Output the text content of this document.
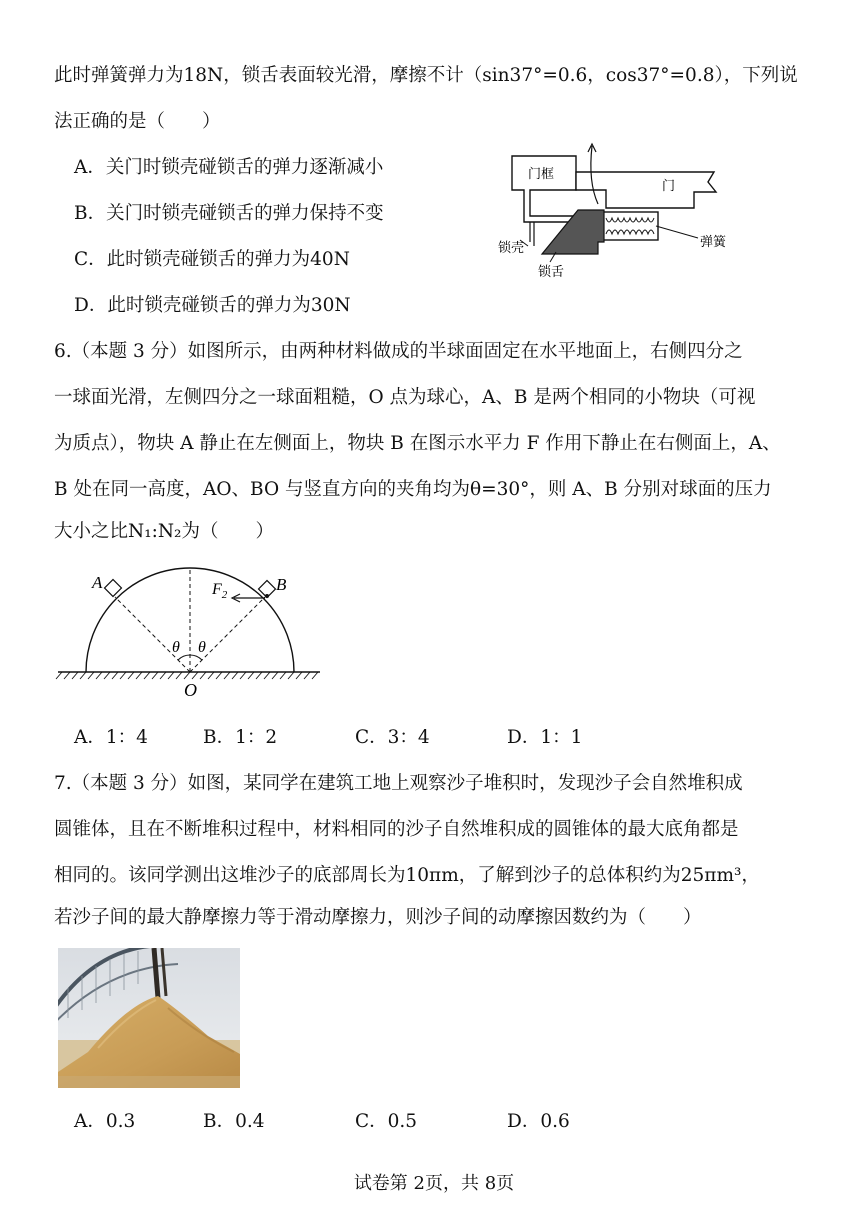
此时弹簧弹力为18N，锁舌表面较光滑，摩擦不计（sin37°=0.6，cos37°=0.8），下列说
法正确的是（　　）
A．关门时锁壳碰锁舌的弹力逐渐减小
B．关门时锁壳碰锁舌的弹力保持不变
C．此时锁壳碰锁舌的弹力为40N
D．此时锁壳碰锁舌的弹力为30N
门框
门
弹簧
锁壳
锁舌
6.（本题 3 分）如图所示，由两种材料做成的半球面固定在水平地面上，右侧四分之
一球面光滑，左侧四分之一球面粗糙，O 点为球心，A、B 是两个相同的小物块（可视
为质点），物块 A 静止在左侧面上，物块 B 在图示水平力 F 作用下静止在右侧面上，A、
B 处在同一高度，AO、BO 与竖直方向的夹角均为θ=30°，则 A、B 分别对球面的压力
大小之比N₁:N₂为（　　）
θ θ
A	B
$F_2$
O
A．1：4	B．1：2	C．3：4	D．1：1
7.（本题 3 分）如图，某同学在建筑工地上观察沙子堆积时，发现沙子会自然堆积成
圆锥体，且在不断堆积过程中，材料相同的沙子自然堆积成的圆锥体的最大底角都是
相同的。该同学测出这堆沙子的底部周长为10πm，了解到沙子的总体积约为25πm³，
若沙子间的最大静摩擦力等于滑动摩擦力，则沙子间的动摩擦因数约为（　　）
A．0.3	B．0.4	C．0.5	D．0.6
试卷第 2页，共 8页
